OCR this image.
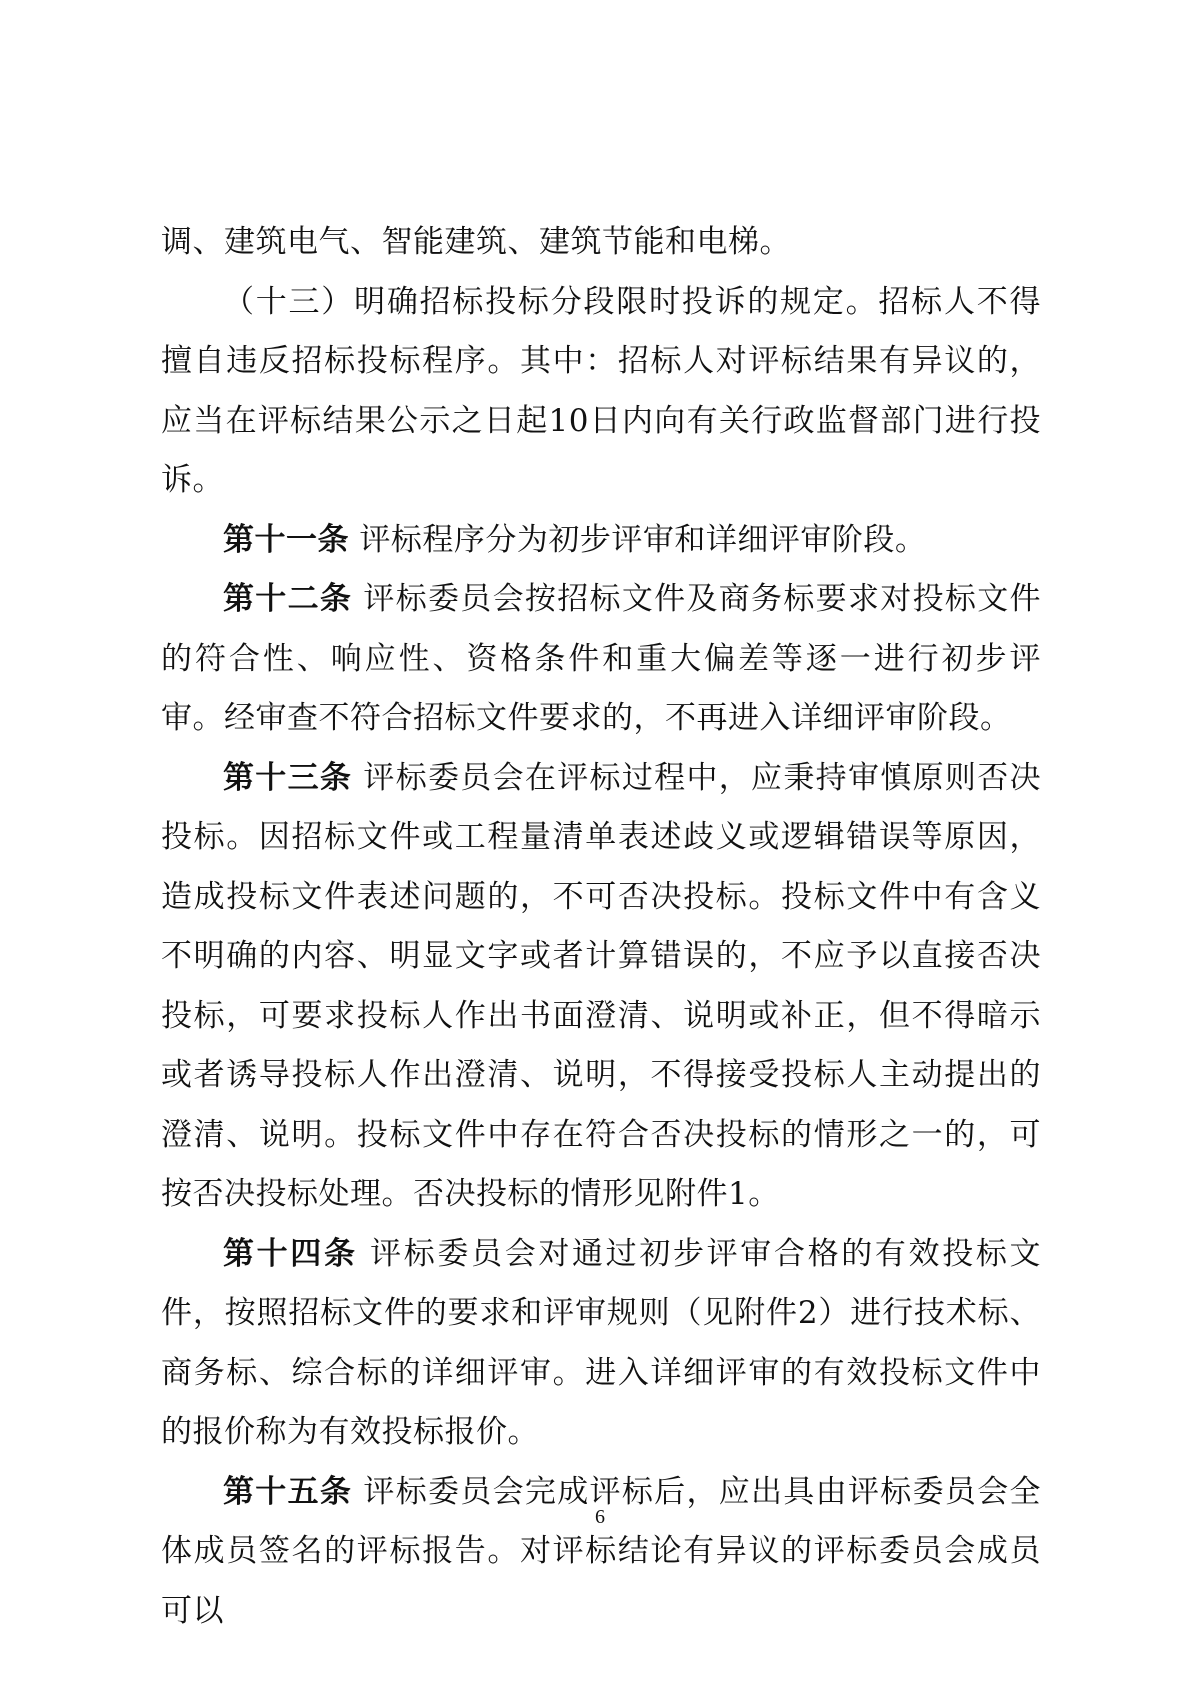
调、建筑电气、智能建筑、建筑节能和电梯。

（十三）明确招标投标分段限时投诉的规定。招标人不得擅自违反招标投标程序。其中：招标人对评标结果有异议的，应当在评标结果公示之日起10日内向有关行政监督部门进行投诉。

第十一条 评标程序分为初步评审和详细评审阶段。

第十二条 评标委员会按招标文件及商务标要求对投标文件的符合性、响应性、资格条件和重大偏差等逐一进行初步评审。经审查不符合招标文件要求的，不再进入详细评审阶段。

第十三条 评标委员会在评标过程中，应秉持审慎原则否决投标。因招标文件或工程量清单表述歧义或逻辑错误等原因，造成投标文件表述问题的，不可否决投标。投标文件中有含义不明确的内容、明显文字或者计算错误的，不应予以直接否决投标，可要求投标人作出书面澄清、说明或补正，但不得暗示或者诱导投标人作出澄清、说明，不得接受投标人主动提出的澄清、说明。投标文件中存在符合否决投标的情形之一的，可按否决投标处理。否决投标的情形见附件1。

第十四条 评标委员会对通过初步评审合格的有效投标文件，按照招标文件的要求和评审规则（见附件2）进行技术标、商务标、综合标的详细评审。进入详细评审的有效投标文件中的报价称为有效投标报价。

第十五条 评标委员会完成评标后，应出具由评标委员会全体成员签名的评标报告。对评标结论有异议的评标委员会成员可以

6
